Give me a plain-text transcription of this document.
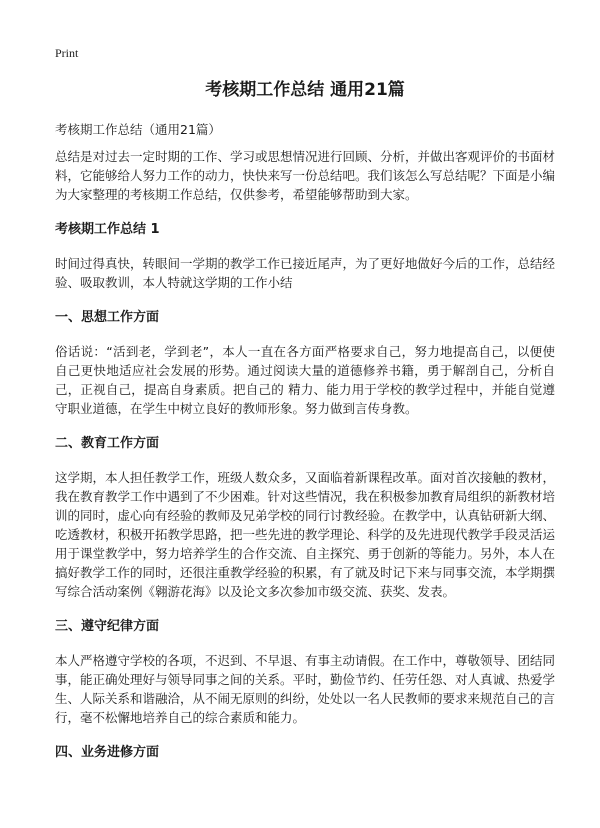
Print
考核期工作总结 通用21篇
考核期工作总结（通用21篇）

总结是对过去一定时期的工作、学习或思想情况进行回顾、分析，并做出客观评价的书面材料，它能够给人努力工作的动力，快快来写一份总结吧。我们该怎么写总结呢？下面是小编为大家整理的考核期工作总结，仅供参考，希望能够帮助到大家。

考核期工作总结 1

时间过得真快，转眼间一学期的教学工作已接近尾声，为了更好地做好今后的工作，总结经验、吸取教训，本人特就这学期的工作小结

一、思想工作方面

俗话说：“活到老，学到老”，本人一直在各方面严格要求自己，努力地提高自己，以便使自己更快地适应社会发展的形势。通过阅读大量的道德修养书籍，勇于解剖自己，分析自己，正视自己，提高自身素质。把自己的 精力、能力用于学校的教学过程中，并能自觉遵守职业道德，在学生中树立良好的教师形象。努力做到言传身教。

二、教育工作方面

这学期，本人担任教学工作，班级人数众多，又面临着新课程改革。面对首次接触的教材，我在教育教学工作中遇到了不少困难。针对这些情况，我在积极参加教育局组织的新教材培训的同时，虚心向有经验的教师及兄弟学校的同行讨教经验。在教学中，认真钻研新大纲、吃透教材，积极开拓教学思路，把一些先进的教学理论、科学的及先进现代教学手段灵活运用于课堂教学中，努力培养学生的合作交流、自主探究、勇于创新的等能力。另外，本人在搞好教学工作的同时，还很注重教学经验的积累，有了就及时记下来与同事交流，本学期撰写综合活动案例《翱游花海》以及论文多次参加市级交流、获奖、发表。

三、遵守纪律方面

本人严格遵守学校的各项，不迟到、不早退、有事主动请假。在工作中，尊敬领导、团结同事，能正确处理好与领导同事之间的关系。平时，勤俭节约、任劳任怨、对人真诚、热爱学生、人际关系和谐融洽，从不闹无原则的纠纷，处处以一名人民教师的要求来规范自己的言行，毫不松懈地培养自己的综合素质和能力。

四、业务进修方面
